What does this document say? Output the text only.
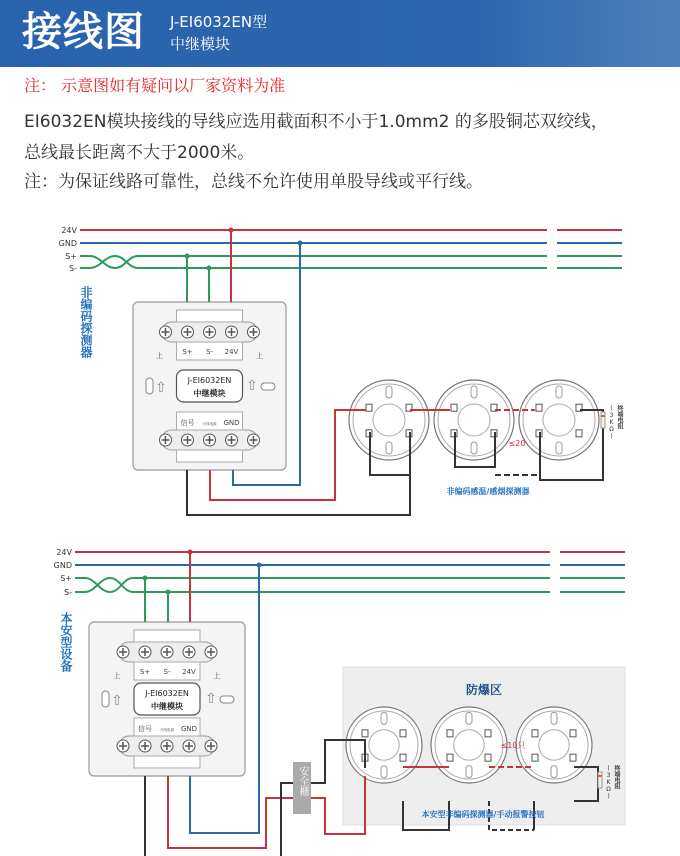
接线图 J-EI6032EN型
中继模块
注： 示意图如有疑问以厂家资料为准
EI6032EN模块接线的导线应选用截面积不小于1.0mm2 的多股铜芯双绞线，
总线最长距离不大于2000米。
注：为保证线路可靠性，总线不允许使用单股导线或平行线。
24V
GND
S+
S-
S+ S- 24V
信号 分线电源 GND
上	上
J-EI6032EN
中继模块
⇧	⇧
≤20
非编码感温/感烟探测器
24V
GND
S+
S-
防爆区
S+ S- 24V
信号 分线电源 GND
上	上
J-EI6032EN
中继模块
⇧	⇧
≤10只
本安型非编码探测器/手动报警按钮
非编码探测器
本安型设备
安全栅
(3KΩ) 终端电阻
(3KΩ) 终端电阻
